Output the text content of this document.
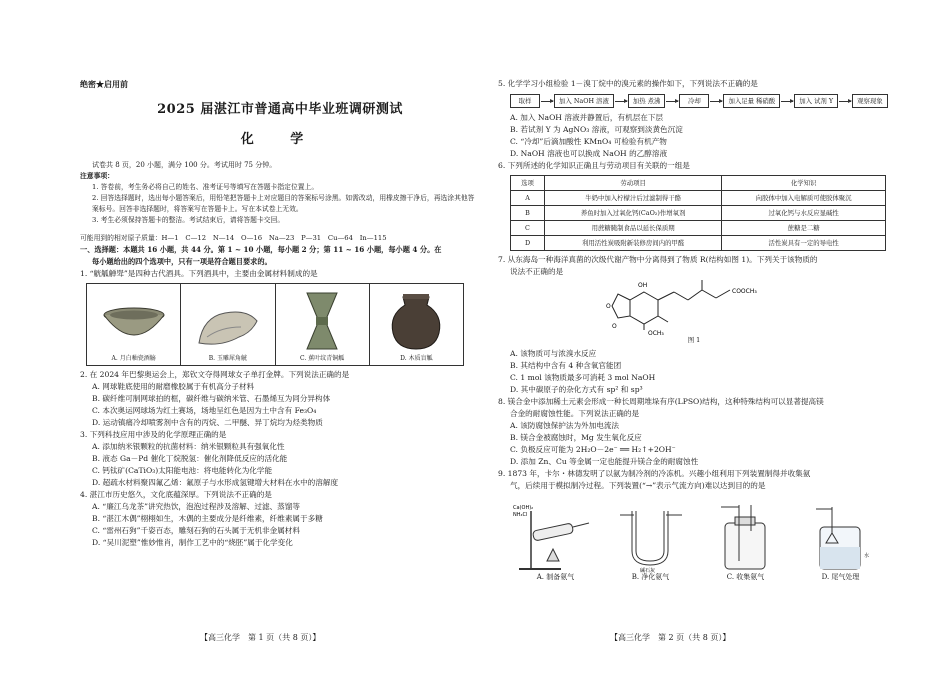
绝密★启用前
2025 届湛江市普通高中毕业班调研测试
化 学
试卷共 8 页，20 小题，满分 100 分。考试用时 75 分钟。
注意事项：
1. 答卷前，考生务必将自己的姓名、准考证号等填写在答题卡指定位置上。
2. 回答选择题时，选出每小题答案后，用铅笔把答题卡上对应题目的答案标号涂黑。如需改动，用橡皮擦干净后，再选涂其他答案标号。回答非选择题时，将答案写在答题卡上。写在本试卷上无效。
3. 考生必须保持答题卡的整洁。考试结束后，请将答题卡交回。
可能用到的相对原子质量：H—1　C—12　N—14　O—16　Na—23　P—31　Cu—64　In—115
一、选择题：本题共 16 小题，共 44 分。第 1 ~ 10 小题，每小题 2 分；第 11 ~ 16 小题，每小题 4 分。在
每小题给出的四个选项中，只有一项是符合题目要求的。
1. “觥觚觯斝”是四种古代酒具。下列酒具中，主要由金属材料制成的是
A. 月白釉瓷酒觞	B. 玉雕犀角觥	C. 蕉叶纹青铜觚	D. 木质盲觚
2. 在 2024 年巴黎奥运会上，郑钦文夺得网球女子单打金牌。下列说法正确的是
A. 网球鞋底使用的耐磨橡胶属于有机高分子材料
B. 碳纤维可制网球拍的框，碳纤维与碳纳米管、石墨烯互为同分异构体
C. 本次奥运网球场为红土赛场，场地呈红色是因为土中含有 Fe₃O₄
D. 运动镇痛冷却喷雾剂中含有的丙烷、二甲醚、异丁烷均为烃类物质
3. 下列科技应用中涉及的化学原理正确的是
A. 添加纳米银颗粒的抗菌材料：纳米银颗粒具有强氧化性
B. 液态 Ga－Pd 催化丁烷脱氢：催化剂降低反应的活化能
C. 钙钛矿(CaTiO₃)太阳能电池：将电能转化为化学能
D. 超疏水材料聚四氟乙烯：氟原子与水形成氢键增大材料在水中的溶解度
4. 湛江市历史悠久，文化底蕴深厚。下列说法不正确的是
A. “廉江乌龙茶”讲究热饮，泡泡过程涉及溶解、过滤、蒸馏等
B. “湛江木偶”栩栩如生，木偶的主要成分是纤维素，纤维素属于多糖
C. “雷州石狗”千姿百态，雕刻石狗的石头属于无机非金属材料
D. “吴川泥塑”惟妙惟肖，制作工艺中的“烧胚”属于化学变化
5. 化学学习小组检验 1－溴丁烷中的溴元素的操作如下，下列说法不正确的是
取样	加入 NaOH 溶液	加热 煮沸	冷却	加入足量 稀硝酸	加入 试剂 Y	观察现象
A. 加入 NaOH 溶液并静置后，有机层在下层
B. 若试剂 Y 为 AgNO₃ 溶液，可观察到淡黄色沉淀
C. “冷却”后滴加酸性 KMnO₄ 可检验有机产物
D. NaOH 溶液也可以换成 NaOH 的乙醇溶液
6. 下列所述的化学知识正确且与劳动项目有关联的一组是
选项	劳动项目	化学知识
A	牛奶中加入柠檬汁后过滤制得干酪	向胶体中加入电解质可使胶体聚沉
B	养鱼时加入过氧化钙(CaO₂)作增氧剂	过氧化钙与水反应显碱性
C	用蔗糖腌制食品以延长保质期	蔗糖是二糖
D	利用活性炭吸附新装修房间内的甲醛	活性炭具有一定的导电性
7. 从东海岛一种海洋真菌的次级代谢产物中分离得到了物质 R(结构如图 1)。下列关于该物质的
说法不正确的是
OH
O
O
OCH₃
COOCH₃
图 1
A. 该物质可与浓溴水反应
B. 其结构中含有 4 种含氧官能团
C. 1 mol 该物质最多可消耗 3 mol NaOH
D. 其中碳原子的杂化方式有 sp² 和 sp³
8. 镁合金中添加稀土元素会形成一种长周期堆垛有序(LPSO)结构，这种特殊结构可以显著提高镁
合金的耐腐蚀性能。下列说法正确的是
A. 该防腐蚀保护法为外加电流法
B. 镁合金被腐蚀时，Mg 发生氧化反应
C. 负极反应可能为 2H₂O－2e⁻ ══ H₂↑+2OH⁻
D. 添加 Zn、Cu 等金属一定也能提升镁合金的耐腐蚀性
9. 1873 年，卡尔・林德发明了以氨为制冷剂的冷冻机。兴趣小组利用下列装置制得并收集氨
气，后续用于模拟制冷过程。下列装置(“→”表示气流方向)难以达到目的的是
Ca(OH)₂
NH₄Cl
A. 制备氨气
碱石灰
B. 净化氨气	C. 收集氨气
水
D. 尾气处理
【高三化学　第 1 页（共 8 页）】	【高三化学　第 2 页（共 8 页）】
